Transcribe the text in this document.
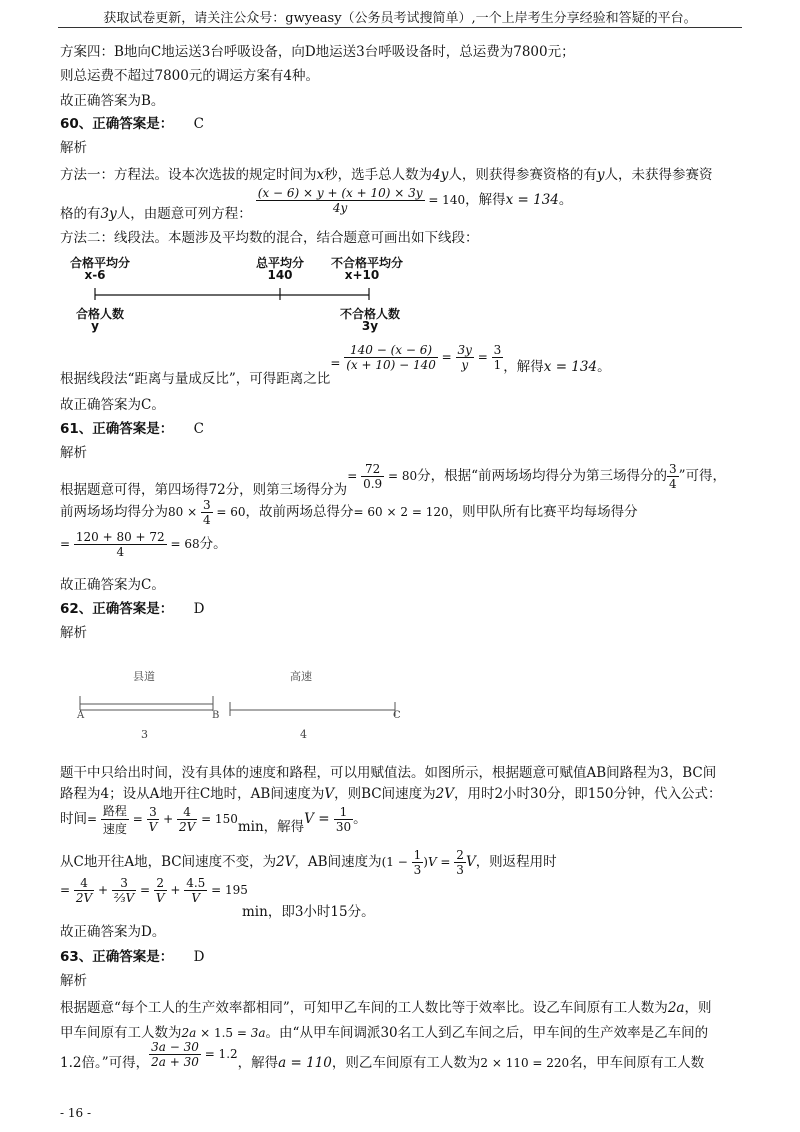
获取试卷更新，请关注公众号：gwyeasy（公务员考试搜简单）,一个上岸考生分享经验和答疑的平台。
方案四：B地向C地运送3台呼吸设备，向D地运送3台呼吸设备时，总运费为7800元；
则总运费不超过7800元的调运方案有4种。
故正确答案为B。
60、正确答案是： C
解析
方法一：方程法。设本次选拔的规定时间为x秒，选手总人数为4y人，则获得参赛资格的有y人，未获得参赛资
格的有3y人，由题意可列方程： $\frac{(x - 6) \times y + (x + 10) \times 3y}{4y} = 140$，解得x = 134。
方法二：线段法。本题涉及平均数的混合，结合题意可画出如下线段：
合格平均分
x-6
总平均分
140
不合格平均分
x+10
合格人数
y
不合格人数
3y
根据线段法“距离与量成反比”，可得距离之比= $\frac{140 - (x - 6)}{(x + 10) - 140} = \frac{3y}{y} = \frac{3}{1}$ ，解得x = 134。
故正确答案为C。
61、正确答案是： C
解析
根据题意可得，第四场得72分，则第三场得分为= $\frac{72}{0.9} = 80$分，根据“前两场场均得分为第三场得分的 $\frac{3}{4}$ ”可得，
前两场场均得分为$80 \times \frac{3}{4} = 60$，故前两场总得分= 60 × 2 = 120，则甲队所有比赛平均每场得分
= $\frac{120 + 80 + 72}{4} = 68$分。
故正确答案为C。
62、正确答案是： D
解析
县道	高速
A	B	C
3	4
题干中只给出时间，没有具体的速度和路程，可以用赋值法。如图所示，根据题意可赋值AB间路程为3，BC间
路程为4；设从A地开往C地时，AB间速度为V，则BC间速度为2V，用时2小时30分，即150分钟，代入公式：
时间= $\frac{\text{路程}}{\text{速度}} = \frac{3}{V} + \frac{4}{2V} = 150\min$，解得$V = \frac{1}{30}$ 。
从C地开往A地，BC间速度不变，为2V，AB间速度为$(1 - \frac{1}{3} )V = \frac{2}{3}$ V，则返程用时
= $\frac{4}{2V} + \frac{3}{\text{⅔V}} = \frac{2}{V} + \frac{4.5}{V} = 195$
min，即3小时15分。
故正确答案为D。
63、正确答案是： D
解析
根据题意“每个工人的生产效率都相同”，可知甲乙车间的工人数比等于效率比。设乙车间原有工人数为2a，则
甲车间原有工人数为2a × 1.5 = 3a。由“从甲车间调派30名工人到乙车间之后，甲车间的生产效率是乙车间的
1.2倍。”可得， $\frac{3a - 30}{2a + 30} = 1.2$，解得a = 110，则乙车间原有工人数为2 × 110 = 220名，甲车间原有工人数
- 16 -
